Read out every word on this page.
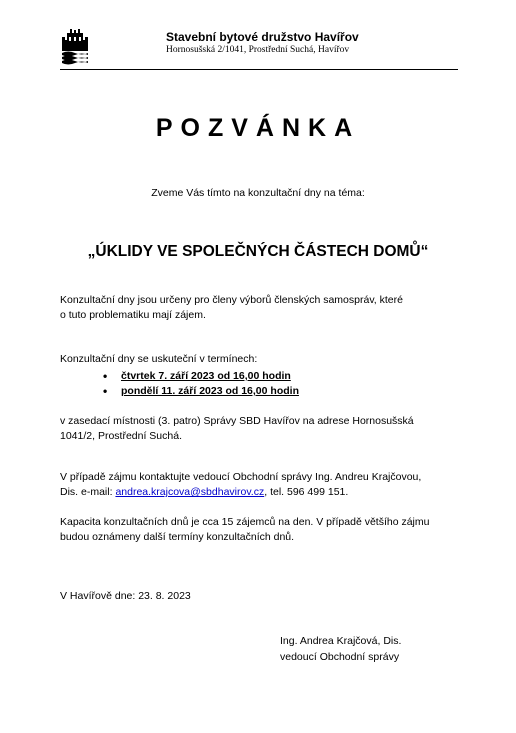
Stavební bytové družstvo Havířov
Hornosušská 2/1041, Prostřední Suchá, Havířov
POZVÁNKA
Zveme Vás tímto na konzultační dny na téma:
„ÚKLIDY VE SPOLEČNÝCH ČÁSTECH DOMŮ“
Konzultační dny jsou určeny pro členy výborů členských samospráv, které
o tuto problematiku mají zájem.
Konzultační dny se uskuteční v termínech:
• čtvrtek 7. září 2023 od 16,00 hodin
• pondělí 11. září 2023 od 16,00 hodin
v zasedací místnosti (3. patro) Správy SBD Havířov na adrese Hornosušská
1041/2, Prostřední Suchá.
V případě zájmu kontaktujte vedoucí Obchodní správy Ing. Andreu Krajčovou,
Dis. e-mail: andrea.krajcova@sbdhavirov.cz, tel. 596 499 151.
Kapacita konzultačních dnů je cca 15 zájemců na den. V případě většího zájmu
budou oznámeny další termíny konzultačních dnů.
V Havířově dne: 23. 8. 2023
Ing. Andrea Krajčová, Dis.
vedoucí Obchodní správy
